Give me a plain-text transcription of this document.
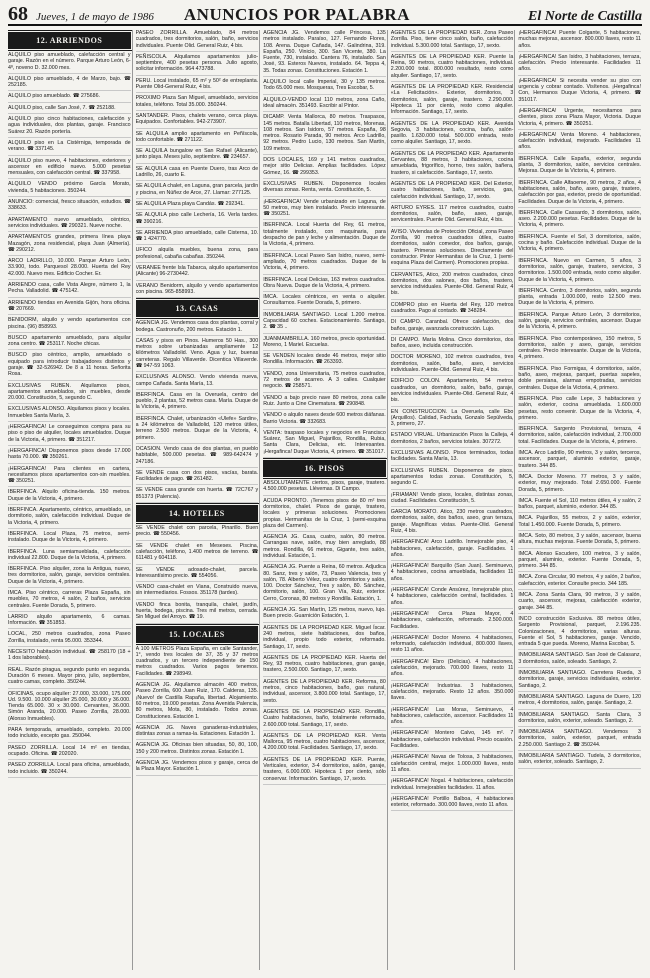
68 Jueves, 1 de mayo de 1986 ANUNCIOS POR PALABRA	El Norte de Castilla
12. ARRIENDOS
ALQUILO piso amueblado, calefacción central y garaje. Razón en el número. Parque Arturo León, 6-4º, noveno D. 32.000 mes.
ALQUILO piso amueblado, 4 de Marzo, bajo. ☎ 252185.
ALQUILO piso amueblado. ☎ 275686.
ALQUILO piso, calle San José, 7. ☎ 252188.
ALQUILO piso cinco habitaciones, calefacción y agua individuales, dos plantas, garaje. Francisco Suárez 20. Razón portería.
ALQUILO piso en La Cistérniga, temporada de verano. ☎ 337145.
ALQUILO piso nuevo, 4 habitaciones, exteriores y ascensor en edificio nuevo. 5.000 pesetas mensuales, con calefacción central. ☎ 337958.
ALQUILO VENDO próximo García Morato, vivienda, 5 habitaciones. 350244.
ANUNCIO: comercial, fresco situación, estudios. ☎ 338633.
APARTAMENTO nuevo amueblado, céntrico, servicios individuales. ☎ 290321. Nueve noche.
APARTAMENTOS grandes, primera línea playa Mazagón, zona residencial, playa Juan (Almería). ☎ 290212.
ARCO LADRILLO, 10.000. Parque Arturo León, 33.900, todo. Parquesol 28.000. Huerta del Rey 42.000. Nuevo mes. Edificio Cocher. Er.
ARRIENDO casa, calle Vista Alegre, número 1, la Pecha. Valladolid. ☎ 475142.
ARRIENDO tiendas en Avenida Gijón, hora oficina. ☎ 207669.
BENIDORM, alquilo y vendo apartamentos con piscina. (96) 858993.
BUSCO apartamento amueblado, para alquilar zona centro. ☎ 253117. Noche chicas.
BUSCO piso céntrico, amplio, amueblado o equipado para introducir trabajadores distintos y garaje. ☎ 32-526942. De 8 a 11 horas. Señorita Rosa.
EXCLUSIVAS RUBEN. Alquilamos pisos, apartamentos amueblados, sin muebles, desde 20.000. Constitución, 5, segundo C.
EXCLUSIVAS ALONSO. Alquilamos pisos y locales. Inmuebles Santa María, 3.
¡HERGAFINCA! Le conseguimos compra para su piso o piso de alquiler, locales amueblados. Duque de la Victoria, 4, primero. ☎ 351217.
¡HERGAFINCA! Disponemos pisos desde 17.000 hasta 70.000. ☎ 350261.
¡HERGAFINCA! Para clientes en cartera, necesitamos pisos apartamentos con-sin muebles. ☎ 350251.
IBERFINCA. Alquilo oficina-tienda. 150 metros. Duque de la Victoria, 4, primero.
IBERFINCA. Apartamento, céntrico, amueblado, un dormitorio, salón, calefacción individual. Duque de la Victoria, 4, primero.
IBERFINCA. Local Plaza, 75 metros, semi-instalado. Duque de la Victoria, 4, primero.
IBERFINCA. Luna semiamueblada, calefacción individual 22.800. Duque de la Victoria, 4, primero.
IBERFINCA. Piso alquiler, zona la Antigua, nuevo, tres dormitorios, salón, garaje, servicios centrales. Duque de la Victoria, 4, primero.
IMCA. Piso céntrico, carreras Plaza España, sin muebles, 70 metros, 4 salón, 2 baños, servicios centrales. Fuente Dorada, 5, primero.
LARRIO alquilo apartamento, 6 camas. Información. ☎ 351853.
LOCAL, 250 metros cuadrados, zona Paseo Zorrilla, instalado, renta 95.000. 353344.
NECESITO habitación individual. ☎ 258170 (18 + 1 dos laborables).
REAL. Razón piragua, segundo punto en segunda. Duración 6 meses. Mayor pino, julio, septiembre, cuatro camas, completo. 350244.
OFICINAS, ocupo alquiler: 27.000, 33.000, 175.000 Ud. 9.500. 10.000 alquiler 25.000, 30.000 y 36.000. Tienda 65.000. 30 x 30.000. Cervantes, 36.000. Simón Aranda, 20.000. Paseo Zorrilla, 28.000. (Alonso Inmuebles).
PARA temporada, amueblado, completo. 20.000 todo incluido, excepto gas. 250044.
PASEO ZORRILLA. Local 14 m² en tiendas, ocupado. Oficina. ☎ 202020.
PASEO ZORRILLA. Local para oficina, amueblado, todo incluido. ☎ 350244.
PASEO ZORRILLA. Amueblado, 84 metros cuadrados, tres dormitorios, salón, baño, servicios individuales. Puente Olid. General Ruiz, 4 bis.
PEÑISCOLA. Alquilamos apartamentos julio-septiembre, 400 pesetas persona. Julio agosto, solicitar información. 964 473788.
PERU. Local instalado, 65 m² y 50² de entreplanta. Puente Olid-General Ruiz, 4 bis.
PROXIMO Plaza San Miguel, amueblado, servicios totales, teléfono. Total 35.000. 350244.
SANTANDER. Pisos, chalets verano, cerca playa. Equipados. Confortables. 942-273907.
SE ALQUILA amplio apartamento en Peñíscola, todo confortable. ☎ 271122.
SE ALQUILA bungalow en San Rafael (Alicante), junto playa. Meses julio, septiembre. ☎ 234657.
SE ALQUILA casa en Puente Duero, tras Arco de Ladrillo, 26, cuarto E.
SE ALQUILA chalet, en Laguna, gran parcela, jardín y piscina, en Núñez de Arce, 27. Llamar: 277125.
SE ALQUILA Plaza playa Candás. ☎ 292341.
SE ALQUILA piso calle Lechería, 16. Verla tardes. ☎ 390216.
SE ARRIENDA piso amueblado, calle Cisterna, 10. ☎ 1 424770.
UFICO alquila muebles, buena zona, para profesional, cabaña cabañas. 350244.
VERANEE frente Isla Tabarca, alquilo apartamentos (Alicante) 96-2730442.
VERANO Benidorm, alquilo y vendo apartamentos con piscina. 965-858993.
13. CASAS
AGENCIA JG. Vendemos casa dos plantas, corral y bodega. Castronuño, 200 metros. Estación 1.
CASAS y pisos en Pinos. Humeros 50 Has., 300 metros sobre urbanizadas ampliamente 12 kilómetros Valladolid. Veno. Agua y luz, buenas carreteras. Regalo Villaverde. Dicentica Villaverde. ☎ 947-59 1063.
EXCLUSIVAS ALONSO. Vendo vivienda nueva, campo Cañada. Santa María, 13.
IBERFINCA. Casa en la Overuela, centro del pueblo, 2 plantas, 52 metros casa. María. Duque de la Victoria, 4, primero.
IBERFINCA. Chalet, urbanización «Ulefe» Sardin», a 24 kilómetros de Valladolid, 120 metros útiles, terreno 2.500 metros. Duque de la Victoria, 4, primero.
OCASION. Vendo casa de dos plantas, en pueblo habitable, 500.000 pesetas. ☎ 989-642474 y 247186.
SE VENDE casa con dos pisos, vacías, barata. Facilidades de pago. ☎ 261482.
SE VENDE casa grande con huerta. ☎ 72C767 y 851373 (Palencia).
14. HOTELES
SE VENDE chalet con parcela, Pinarillo. Buen precio. ☎ 550456.
SE VENDE chalet en Meseses. Piscina, calefacción, teléfono, 1.400 metros de terreno. ☎ 611481 y 604118.
SE VENDE adosado-chalet, parcela. Interesantísimo precio. ☎ 554056.
VENDO casa-chalet en Viana, Construido nueva, sin intermediarios. Fossos. 351178 (tardes).
VENDO finca bonita, tranquila, chalet, jardín, huerta, bodega, piscina. Tres mil metros, cerrada. Sin Miguel del Arroyo. ☎ 19.
15. LOCALES
A 100 METROS Plaza España, en calle Santander, 1°, vendo tres locales de 37, 35 y 37 metros cuadrados, y un tercero independiente de 150 metros cuadrados. Varios pagos tenemos. Facilidades. ☎ 298949.
AGENCIA JG. Alquilamos almacén 400 metros, Paseo Zorrilla, 600 Juan Ruiz, 170. Calderas, 135. ¡Nuevo! de Castilla Rapaña, libertad. Alojamiento. 60 metros, 19.000 pesetas. Zona Avenida Palencia, 80 metros, Mota, 80, instalado. Todos zonas. Constituciones. Estación 1.
AGENCIA JG. Naves ganaderas-industriales, distintas zonas a ramas-la. Estaciones. Estación 1.
AGENCIA JG. Oficinas bien situadas, 50, 80, 100, 150 y 200 metros. Distintos zonas. Estación 1.
AGENCIA JG. Vendemos pisos y garaje, cerca de la Plaza Mayor. Estación 1.
AGENCIA JG. Vendemos calle Princesa, 135 metros instalado. Paraíso, 127. Fernando Flores, 108. Arena. Duque Cañada, 147. Galindrina, 319. España, 250. Vinicio, 300. San Vicente, 380. La Fuente, 730, instalado. Cantera 76, instalado. San José, 93. Esteros Nuevos, instalado. 64. Teppa 4, 35. Todas zonas. Constituciones. Estación 1.
ALQUILO local calle Imperial, 30 y 135 metros. Todo 65.000 mes. Mosqueras, Tres Escobar, 5.
ALQUILO-VENDO local 110 metros, zona Caño, ideal almacén. 351493. Escribir al Pintor.
DICAMP. Venta Mallorca, 80 metros. Traspasos, 145 metros. Batalla Libertad, 110 metros, Morenas, 108 metros. San Isidoro, 57 metros. España, 98 metros. Rosario Parada, 90 metros. Arco Ladrillo, 92 metros. Pedro Lucio, 130 metros. San Martín, 109 metros.
DOS LOCALES, 169 y 141 metros cuadrados, mejor sitio Delicias. Amplias facilidades. López Gómez, 16. ☎ 299353.
EXCLUSIVAS RUBEN. Disponemos locales diversas zonas. Renta, venta. Constitución, 5.
¡HERGAFINCA! Vende urbanizado en Laguna, de 50 metros, muy bien instalado. Precio interesante. ☎ 350251.
IBERFINCA. Local Huerta del Rey, 61 metros, totalmente instalado, con maquinaria, para despacho de pan y leche y alimentación. Duque de la Victoria, 4, primero.
IBERFINCA. Local Paseo San Isidro, nuevo, semi-ampliado, 70 metros cuadrados. Duque de la Victoria, 4, primero.
IBERFINCA. Local Delicias, 163 metros cuadrados. Obra Nueva. Duque de la Victoria, 4, primero.
IMCA. Locales céntricos, en venta o alquiler. Consultarnos. Fuente Dorada, 5, primero.
INMOBILIARIA SANTIAGO. Local 1.200 metros. Capacidad 60 coches. Estacionamiento. Santiago, 2. ☎ 35 ..
JUANMAMBRILLA. 160 metros, precio oportunidad. Moreno, 1 Mariel. Escuelas.
SE VENDEN locales desde 46 metros, mejor sitio Rondilla. Información. ☎ 263393.
VENDO, zona Universitaria, 75 metros cuadrados, 72 metros de acarreo. A 3 calles. Cualquier negocio. ☎ 258571.
VENDO a bajo precio nave 80 metros, zona calle Ruiz. Junto a Cine Cinematura. ☎ 290848.
VENDO o alquilo naves desde 600 metros diáfanas. Barrio Victoria. ☎ 332683.
VENTA: traspaso locales y negocios en Francisco Suárez, San Miguel, Pajarillos, Rondilla, Rubia, Santa Clara, Delicias, etc. Interesantes. ¡Hergafinca! Duque Victoria, 4, primero. ☎ 351017.
16. PISOS
ABSOLUTAMENTE ciertos, pisos, garaje, trastero. 4.500.000 pesetas. Llévemas. Di Campo.
ACUDA PRONTO. ¡Tenemos pisos de 80 m² tres dormitorios, chalet. Pisos de garaje, trastero, locales y primeras soluciones. Promociones propias. Hermanitas de la Cruz, 1 (semi-esquina plaza del Carmen).
AGENCIA JG. Casa, cuatro, salón, 80 metros. Carrangas nave, salón, muy bien arreglado, 88 metros. Rondilla, 66 metros, Gigante, tres salón, individual. Estación, 1.
AGENCIA JG. Puente a Reina, 60 metros. Adjudica 80. Sanz, tres y salón, 73, Paseo Valencia, tres y salón, 78. Alberto Vélez, cuatro dormitorios y salón, 100. Doctor Sánchez, Tres y salón, 80. Sánchez, dormitorio, salón, 100. Gran Vía, Ruiz, exterior. Cerro, Coronas, 80 metros y Rondilla. Estación, 1.
AGENCIA JG. San Martín, 125 metros, nuevo, lujo. Buen precio. Guarnición Estación, 1.
AGENTES DE LA PROPIEDAD KER. Miguel Íscar. 240 metros, siete habitaciones, dos baños, individual, propio todo exterior, reformado. Santiago, 17, sexto.
AGENTES DE LA PROPIEDAD KER. Huerta del Rey, 93 metros, cuatro habitaciones, gran garaje, trastero, 2.500.000. Santiago, 17, sexto.
AGENTES DE LA PROPIEDAD KER. Reforma, 80 metros, cinco habitaciones, baño, gas natural, individual, ascensor, 3.800.000 total. Santiago, 17, sexto.
AGENTES DE LA PROPIEDAD KER. Rondilla, Cuatro habitaciones, baño, totalmente reformado, 2.600.000 total. Santiago, 17, sexto.
AGENTES DE LA PROPIEDAD KER. Venta Mallorca, 95 metros, cuatro habitaciones, ascensor, 4.200.000 total. Facilidades. Santiago, 17, sexto.
AGENTES DE LA PROPIEDAD KER. Puente, Verticales, exterior, 3-4 dormitorios, salón, garaje, trastero, 6.000.000. Hipoteca 1 por ciento, sólo conservar. Información. Santiago, 17, sexto.
AGENTES DE LA PROPIEDAD KER. Zona Paseo Zorrilla. Piso, tiene cinco salón, baño, calefacción individual. 5.300.000 total. Santiago, 17, sexto.
AGENTES DE LA PROPIEDAD KER. Puente la Reina, 90 metros, cuatro habitaciones, individual. 2.200.000 total. 800.000 resultado, resto como alquiler. Santiago, 17, sexto.
AGENTES DE LA PROPIEDAD KER. Residencial «La Felicitación». Exterior, dormitorios, 3 dormitorios, salón, garaje, trastero. 2.290.000. Hipoteca 11 por ciento, resto como alquiler. Información. Santiago, 17, sexto.
AGENTES DE LA PROPIEDAD KER. Avenida Segovia, 3 habitaciones, cocina, baño, salón-pasillo. 1.630.000 total. 500.000 entrada, resto como alquiler. Santiago, 17, sexto.
AGENTES DE LA PROPIEDAD KER. Apartamento Cervantes, 88 metros, 3 habitaciones, cocina amueblada, frigorífico, horno, tres salón, bañera, trastero, si calefacción. Santiago, 17, sexto.
AGENTES DE LA PROPIEDAD KER. Del Exterior, cuatro habitaciones, baño, servicios, gas, calefacción individual. Santiago, 17, sexto.
ARTURO EYRES. 117 metros cuadrados, cuatro dormitorios, salón, baño, aseo, garaje, servicentrales. Puente Olid. General Ruiz, 4 bis.
AVISO. Viviendas de Protección Oficial, zona Paseo Zorrilla, 90 metros cuadrados útiles, cuatro dormitorios, salón comedor, dos baños, garaje, trastero. Primeras soluciones. Directamente del constructor. Pintor Hermanitas de la Cruz, 1 (semi-esquina Plaza del Carmen). Promociones propias.
CERVANTES, Atico, 200 metros cuadrados, cinco dormitorios, dos salones, dos baños, trastero, servicios individuales. Puente-Olid. General Ruiz, 4 bis.
COMPRO piso en Huerta del Rey, 120 metros cuadrados. Pago al contado. ☎ 348284.
DI CAMPO. Caranbal. Ofrece calefacción, dos baños, garaje, avanzada construcción. Lujo.
DI CAMPO. María Molina. Cinco dormitorios, dos baños, aseo, incluida construcción.
DOCTOR MORENO, 102 metros cuadrados, tres dormitorios, salón, baño, aseo, servicios individuales. Puente-Olid. General Ruiz, 4 bis.
EDIFICIO COLON. Apartamento, 54 metros cuadrados, un dormitorio, salón, baño, garaje, servicios individuales. Puente-Olid. General Ruiz, 4 bis.
EN CONSTRUCCION. La Overuela, calle Ebo (Arquillos). Calidad, Fachada, Gonzalo Sepúlveda, 3, primero, 27.
ESTADO VIRUAL. Urbanización Pisos la Calleja, 4 dormitorios, 2 baños, servicios totales. 307272.
EXCLUSIVAS ALONSO. Pisos terminados, todas facilidades. Santa María, 13.
EXCLUSIVAS RUBEN. Disponemos de pisos, apartamentos todas zonas. Constitución, 5, segundo C.
¡FRIAMAN! Vendo pisos, locales, distintas zonas, ciudad. Facilidades. Constitución, 5.
GARCIA MORATO. Atico, 230 metros cuadrados, dormitorios, salón, dos baños, aseo, gran terraza, garaje. Magníficas vistas. Puente-Olid. General Ruiz, 4 bis.
¡HERGAFINCA! Arco Ladrillo. Inmejorable piso, 4 habitaciones, calefacción, garaje. Facilidades. 1 años.
¡HERGAFINCA! Barquillo (San Juan). Seminuevo, 4 habitaciones, cocina amueblada, facilidades 11 años.
¡HERGAFINCA! Conde Ansúrez, Inmejorable piso, 4 habitaciones, calefacción central, facilidades. 1 años.
¡HERGAFINCA! Cerca Plaza Mayor, 4 habitaciones, calefacción, reformado. 2.500.000. Facilidades.
¡HERGAFINCA! Doctor Moreno. 4 habitaciones, reformado, calefacción individual, 800.000 llaves, resto 11 años.
¡HERGAFINCA! Ebro (Delicias). 4 habitaciones, calefacción, mejorado. 700.000 llaves, resto 11 años.
¡HERGAFINCA! Industrias. 3 habitaciones, calefacción, mejorado. Resto 12 años. 350.000 llaves.
¡HERGAFINCA! Las Moras, Seminuevo, 4 habitaciones, calefacción, ascensor. Facilidades 11 años.
¡HERGAFINCA! Montero Calvo, 145 m². 7 habitaciones, calefacción individual. Precio ocasión. Facilidades.
¡HERGAFINCA! Navas de Tolosa, 3 habitaciones, calefacción central, mejor. 1.000.000 llaves, resto 11 años.
¡HERGAFINCA! Nogal. 4 habitaciones, calefacción individual. Inmejorables facilidades. 11 años.
¡HERGAFINCA! Portillo Balboa, 4 habitaciones exterior, reformado. 300.000 llaves, resto 11 años.
¡HERGAFINCA! Puente Colgante, 5 habitaciones, muchas mejoras, ascensor. 800.000 llaves, resto 11 años.
¡HERGAFINCA! San Isidro, 3 habitaciones, terraza, calefacción. Precio interesante. Facilidades 11 años.
¡HERGAFINCA! Si necesita vender su piso con urgencia y cobrar contado. Visítenos. ¡Hergafinca! Con, Hermanos Duque Victoria, 4, primero. ☎ 351017.
¡HERGAFINCA! Urgente, necesitamos para clientes, pisos zona Plaza Mayor, Victoria. Duque Victoria, 4, primero. ☎ 350251.
¡HERGAFINCA! Venta Moreno. 4 habitaciones, calefacción individual, mejorado. Facilidades 11 años.
IBERFINCA. Calle España, exterior, segunda planta, 3 dormitorios, salón, servicios centrales. Mejoras. Duque de la Victoria, 4, primero.
IBERFINCA. Calle Alfaoeme, 90 metros, 2 años, 4 habitaciones, salón, baño, aseo, garaje, trastero, calefacción por gas, exterior, precio de oportunidad. Facilidades. Duque de la Victoria, 4, primero.
IBERFINCA. Calle Cassardo, 3 dormitorios, salón, aseo. 2.200.000 pesetas. Facilidades. Duque de la Victoria, 4, primero.
IBERFINCA. Fuente el Sol, 3 dormitorios, salón, cocina y baño. Calefacción individual. Duque de la Victoria, 4, primero.
IBERFINCA. Nuevo en Carmen, 5 años, 3 dormitorios, salón, garaje, trastero, servicios, 3 dormitorios. 1.500.000 entrada, resto como alquiler. Duque de la Victoria, 4, primero.
IBERFINCA. Centro, 3 dormitorios, salón, segunda planta, entrada 1.000.000, resto 12.500 mes. Duque de la Victoria, 4, primero.
IBERFINCA. Parque Arturo León, 3 dormitorios, salón, garaje, servicios centrales, ascensor. Duque de la Victoria, 4, primero.
IBERFINCA. Piso contemporáneo, 150 metros, 5 dormitorios, salón y aseo, garaje, servicios centrales. Precio interesante. Duque de la Victoria, 4, primero.
IBERFINCA. Piso Formigas, 4 dormitorios, salón, baño, aseo, mejoras, parquet, puertas sapeles, doble persiana, alarmas empotradas, servicios centrales. Duque de la Victoria, 4, primero.
IBERFINCA. Piso calle Lepe, 3 habitaciones y salón, exterior, cocina amueblada. 1.600.000 pesetas, resto convenir. Duque de la Victoria, 4, primero.
IBERFINCA. Sargento Provisional, terraza, 4 dormitorios, salón, calefacción individual, 2.700.000 total. Facilidades. Duque de la Victoria, 4, primero.
IMCA. Arco Ladrillo, 90 metros, 3 y salón, terceros, ascensor, parquet, aluminio exterior, garaje, trastero. 344 85.
IMCA. Doctor Moreno. 77 metros, 3 y salón, exterior, muy mejorado. Total 2.650.000. Fuente Dorada, 5, primero.
IMCA. Fuente el Sol, 110 metros útiles, 4 y salón, 2 baños, parquet, aluminio, exterior. 344 85.
IMCA. Pajarillos, 55 metros, 2 y salón, exterior, Total 1.450.000. Fuente Dorada, 5, primero.
IMCA. Soto, 80 metros, 3 y salón, ascensor, buena altura, muchas mejoras. Fuente Dorada, 5, primero.
IMCA. Alonso Escudero, 100 metros, 3 y salón, parquet, aluminio, exterior. Fuente Dorada, 5, primero. 344 85.
IMCA. Zona Circular, 90 metros, 4 y salón, 2 baños, calefacción, exterior. Consulte precio. 344 185.
IMCA. Zona Santa Clara, 90 metros, 3 y salón, cuarto, ascensor, mejoras, calefacción exterior, garaje. 344 85.
INCO construcción Exclusiva. 88 metros útiles, Sargento Provisional, parquet, 2.196.235. Colonizaciones, 4 dormitorios, varias alturas. Fuente el Sol, 5 habitaciones, garaje. Vencido, entrada 5 que pueda. Moreno, Marina Escobar, 5.
INMOBILIARIA SANTIAGO. San José de Calasanz, 3 dormitorios, salón, soleado. Santiago, 2.
INMOBILIARIA SANTIAGO. Carretera Rueda, 3 dormitorios, garaje, servicios individuales, exterior. Santiago, 2.
INMOBILIARIA SANTIAGO. Laguna de Duero, 120 metros, 4 dormitorios, salón, garaje. Santiago, 2.
INMOBILIARIA SANTIAGO. Santa Clara, 3 dormitorios, salón, exterior, soleado. Santiago, 2.
INMOBILIARIA SANTIAGO. Vendemos 3 dormitorios, salón, exterior, parquet, entrada 2.250.000. Santiago 2. ☎ 350244.
INMOBILIARIA SANTIAGO. Tudela, 3 dormitorios, salón, exterior, soleado. Santiago, 2.
